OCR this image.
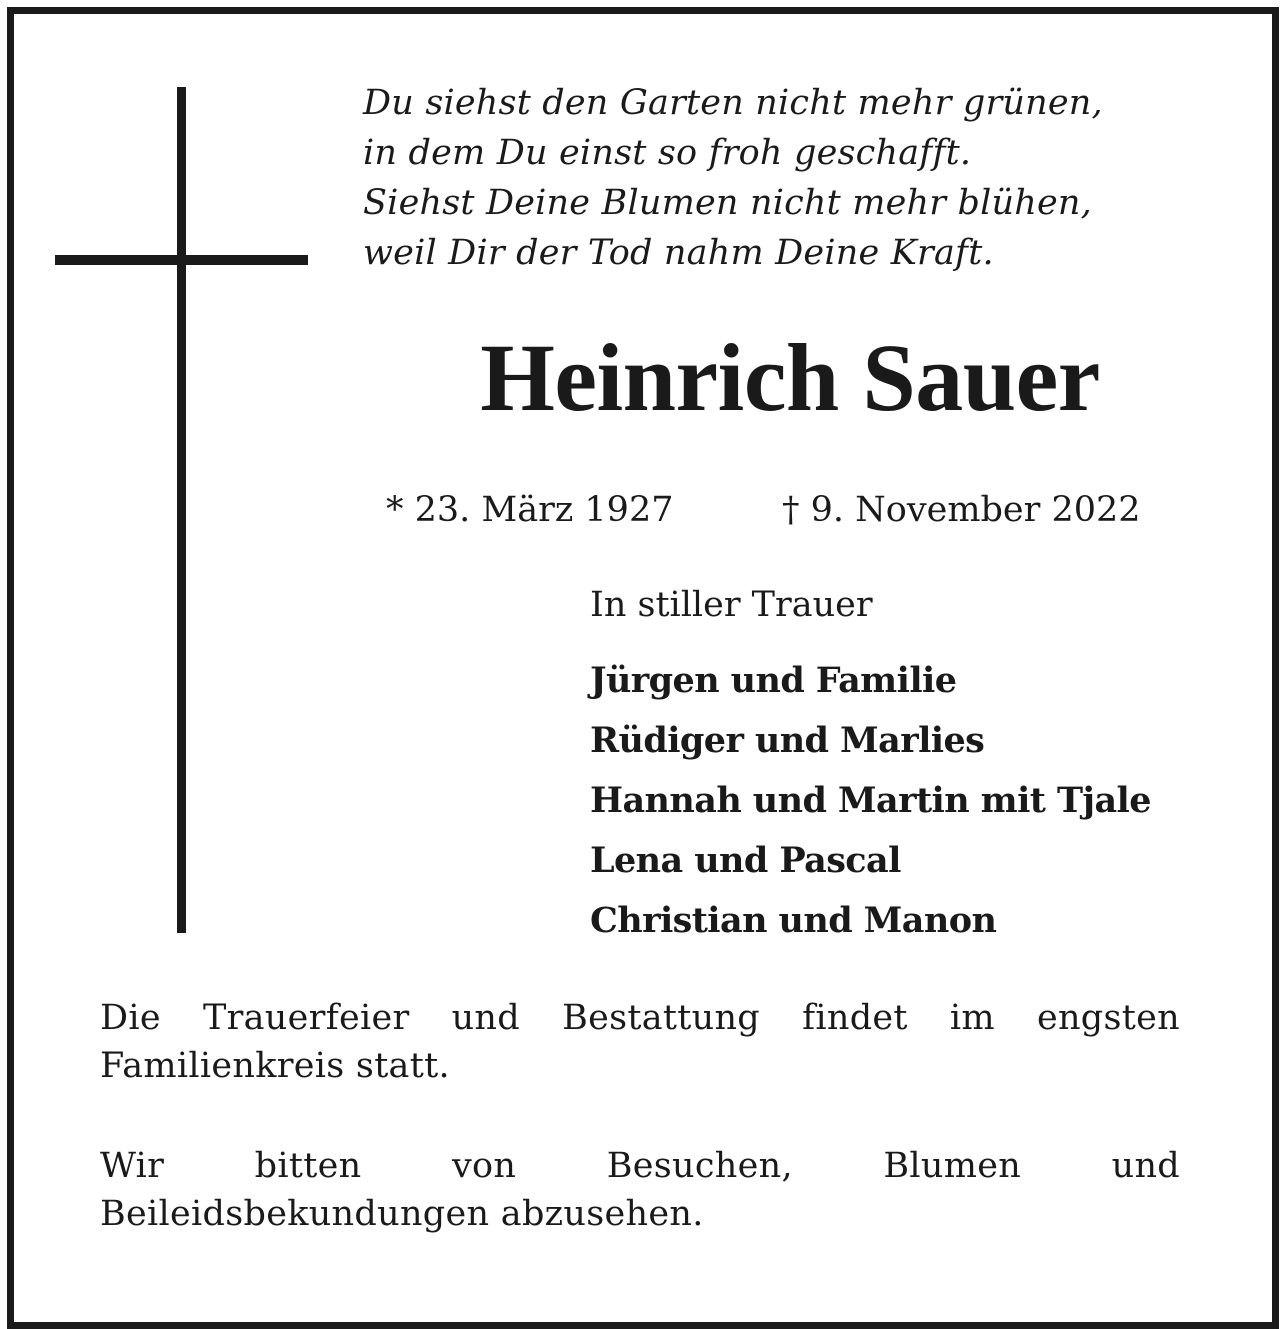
Du siehst den Garten nicht mehr grünen,
in dem Du einst so froh geschafft.
Siehst Deine Blumen nicht mehr blühen,
weil Dir der Tod nahm Deine Kraft.
Heinrich Sauer
* 23. März 1927	† 9. November 2022
In stiller Trauer
Jürgen und Familie
Rüdiger und Marlies
Hannah und Martin mit Tjale
Lena und Pascal
Christian und Manon
Die Trauerfeier und Bestattung findet im engsten Familienkreis statt.
Wir bitten von Besuchen, Blumen und Beileidsbekundungen abzusehen.
